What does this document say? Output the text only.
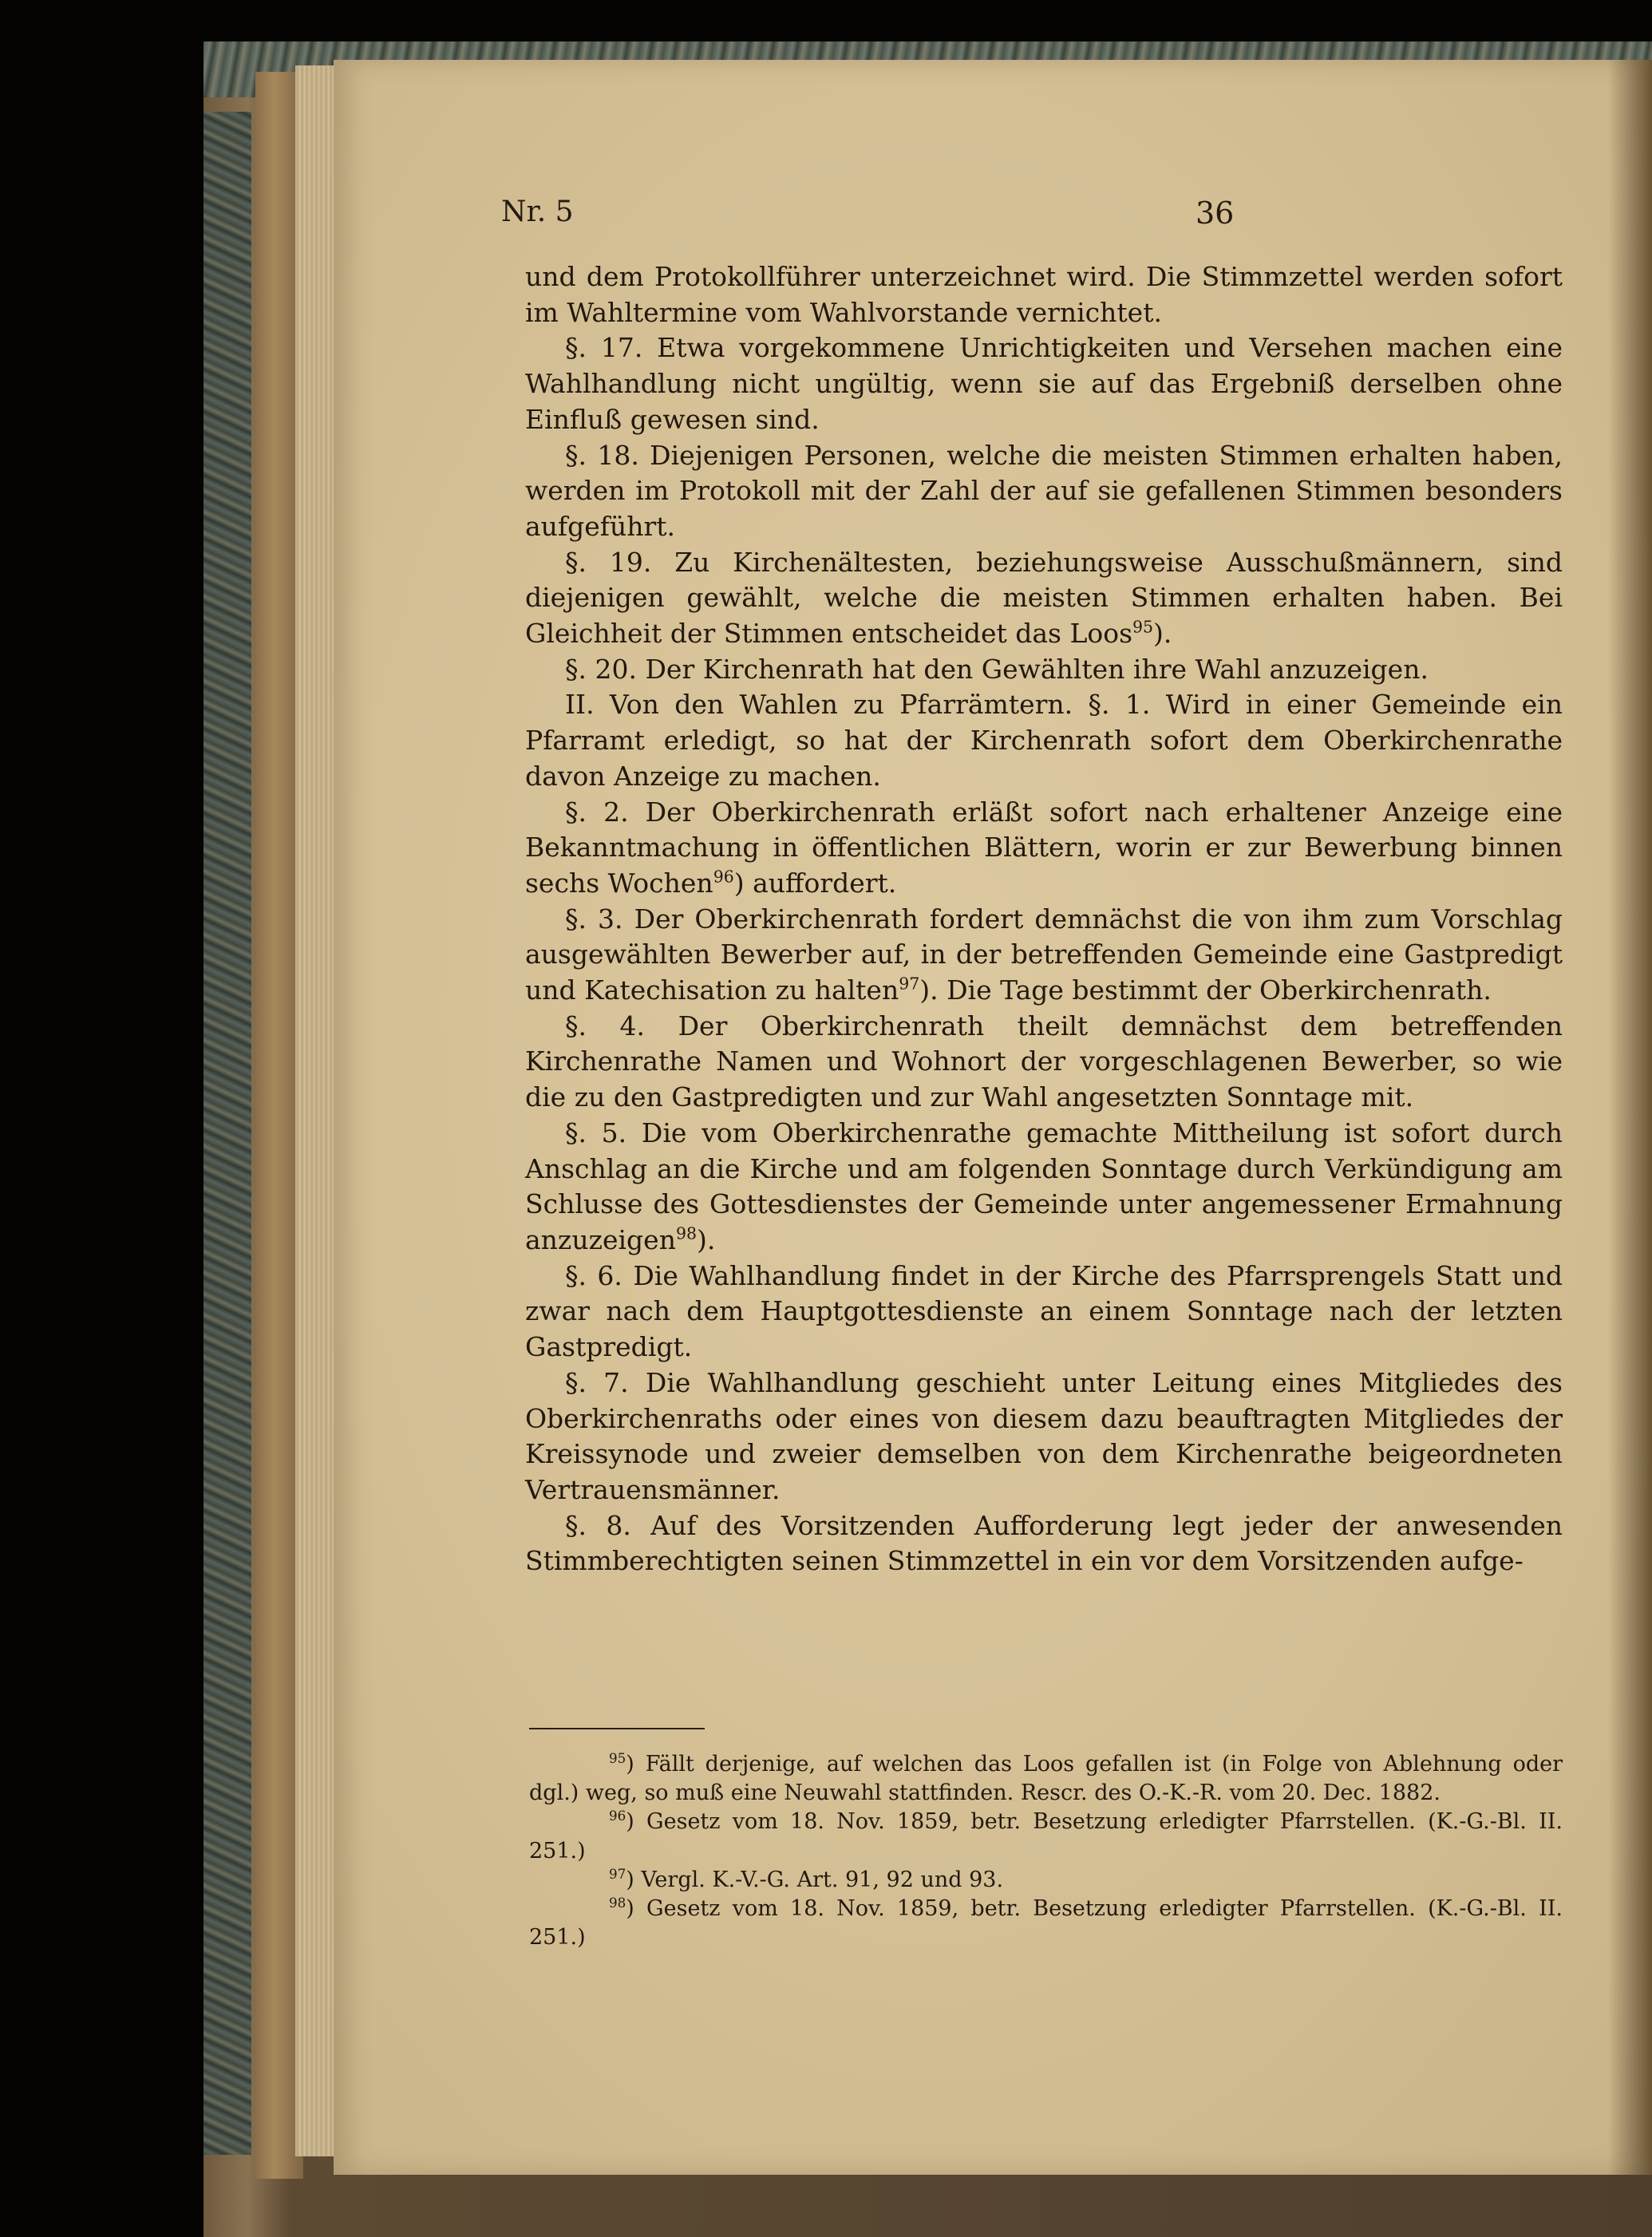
Nr. 5	36

und dem Protokollführer unterzeichnet wird. Die Stimmzettel werden sofort im Wahltermine vom Wahlvorstande vernichtet.

§. 17. Etwa vorgekommene Unrichtigkeiten und Versehen machen eine Wahlhandlung nicht ungültig, wenn sie auf das Ergebniß derselben ohne Einfluß gewesen sind.

§. 18. Diejenigen Personen, welche die meisten Stimmen erhalten haben, werden im Protokoll mit der Zahl der auf sie gefallenen Stimmen besonders aufgeführt.

§. 19. Zu Kirchenältesten, beziehungsweise Ausschußmännern, sind diejenigen gewählt, welche die meisten Stimmen erhalten haben. Bei Gleichheit der Stimmen entscheidet das Loos$^{95}$).

§. 20. Der Kirchenrath hat den Gewählten ihre Wahl anzuzeigen.

II. Von den Wahlen zu Pfarrämtern. §. 1. Wird in einer Gemeinde ein Pfarramt erledigt, so hat der Kirchenrath sofort dem Oberkirchenrathe davon Anzeige zu machen.

§. 2. Der Oberkirchenrath erläßt sofort nach erhaltener Anzeige eine Bekanntmachung in öffentlichen Blättern, worin er zur Bewerbung binnen sechs Wochen$^{96}$) auffordert.

§. 3. Der Oberkirchenrath fordert demnächst die von ihm zum Vorschlag ausgewählten Bewerber auf, in der betreffenden Gemeinde eine Gastpredigt und Katechisation zu halten$^{97}$). Die Tage bestimmt der Oberkirchenrath.

§. 4. Der Oberkirchenrath theilt demnächst dem betreffenden Kirchenrathe Namen und Wohnort der vorgeschlagenen Bewerber, so wie die zu den Gastpredigten und zur Wahl angesetzten Sonntage mit.

§. 5. Die vom Oberkirchenrathe gemachte Mittheilung ist sofort durch Anschlag an die Kirche und am folgenden Sonntage durch Verkündigung am Schlusse des Gottesdienstes der Gemeinde unter angemessener Ermahnung anzuzeigen$^{98}$).

§. 6. Die Wahlhandlung findet in der Kirche des Pfarrsprengels Statt und zwar nach dem Hauptgottesdienste an einem Sonntage nach der letzten Gastpredigt.

§. 7. Die Wahlhandlung geschieht unter Leitung eines Mitgliedes des Oberkirchenraths oder eines von diesem dazu beauftragten Mitgliedes der Kreissynode und zweier demselben von dem Kirchenrathe beigeordneten Vertrauensmänner.

§. 8. Auf des Vorsitzenden Aufforderung legt jeder der anwesenden Stimmberechtigten seinen Stimmzettel in ein vor dem Vorsitzenden aufge-

$^{95}$) Fällt derjenige, auf welchen das Loos gefallen ist (in Folge von Ablehnung oder dgl.) weg, so muß eine Neuwahl stattfinden. Rescr. des O.-K.-R. vom 20. Dec. 1882.

$^{96}$) Gesetz vom 18. Nov. 1859, betr. Besetzung erledigter Pfarrstellen. (K.-G.-Bl. II. 251.)

$^{97}$) Vergl. K.-V.-G. Art. 91, 92 und 93.

$^{98}$) Gesetz vom 18. Nov. 1859, betr. Besetzung erledigter Pfarrstellen. (K.-G.-Bl. II. 251.)
